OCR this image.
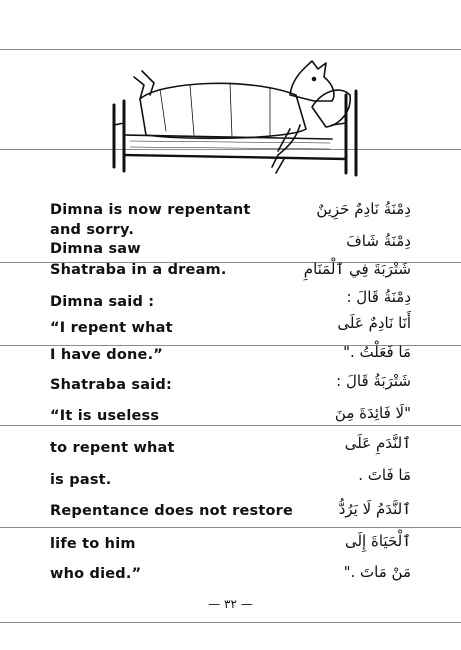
Dimna is now repentant
and sorry.
Dimna saw
Shatraba in a dream.
Dimna said :
“I repent what
I have done.”
Shatraba said:
“It is useless
to repent what
is past.
Repentance does not restore
life to him
who died.”
دِمْنَةُ نَادِمٌ حَزِينٌ
دِمْنَةُ شَافَ
شَتْرَبَةَ فِي ٱلْمَنَامِ
دِمْنَةُ قَالَ :
أَنَا نَادِمٌ عَلَى
مَا فَعَلْتُ ."
شَتْرَبَةُ قَالَ :
"لَا فَائِدَةَ مِنَ
ٱلنَّدَمِ عَلَى
مَا فَاتَ .
ٱلنَّدَمُ لَا يَرُدُّ
ٱلْحَيَاةَ إِلَى
مَنْ مَاتَ ."
— ٣٢ —
